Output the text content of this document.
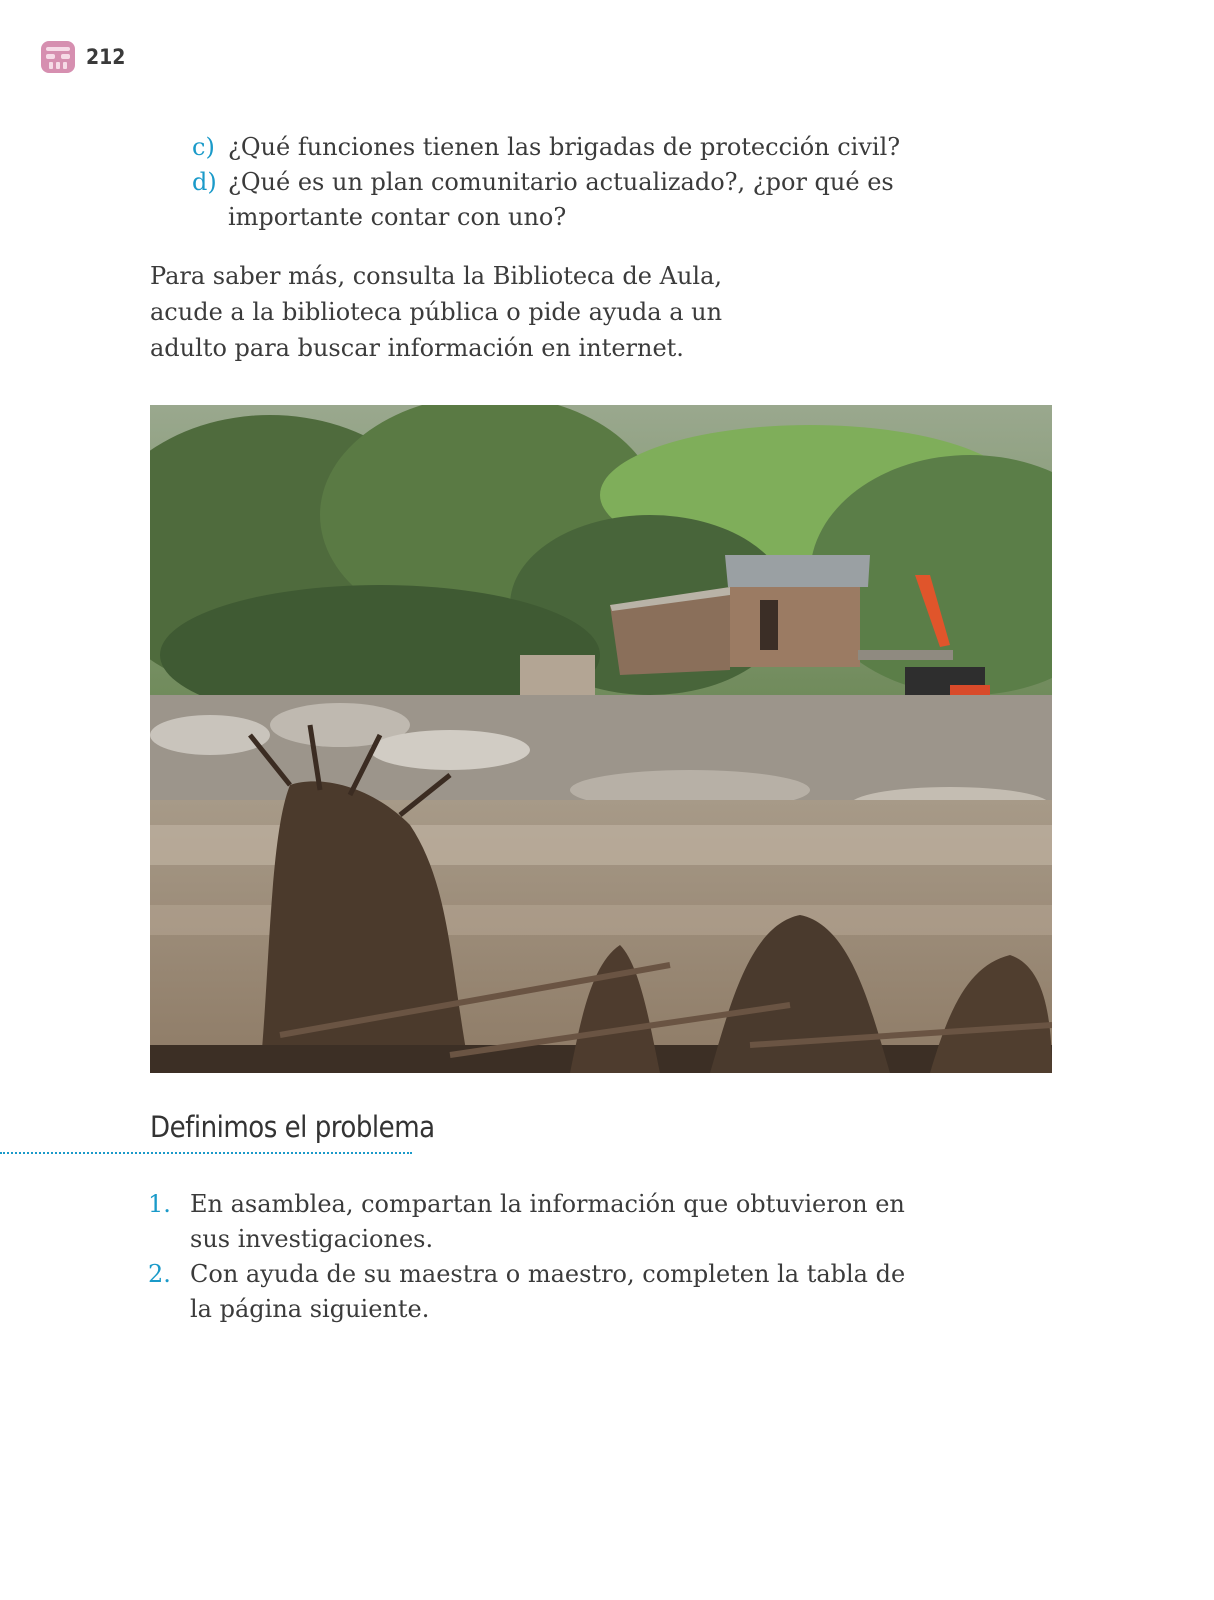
212
c) ¿Qué funciones tienen las brigadas de protección civil?
d) ¿Qué es un plan comunitario actualizado?, ¿por qué es importante contar con uno?

Para saber más, consulta la Biblioteca de Aula, acude a la biblioteca pública o pide ayuda a un adulto para buscar información en internet.

Definimos el problema
1. En asamblea, compartan la información que obtuvieron en sus investigaciones.
2. Con ayuda de su maestra o maestro, completen la tabla de la página siguiente.
